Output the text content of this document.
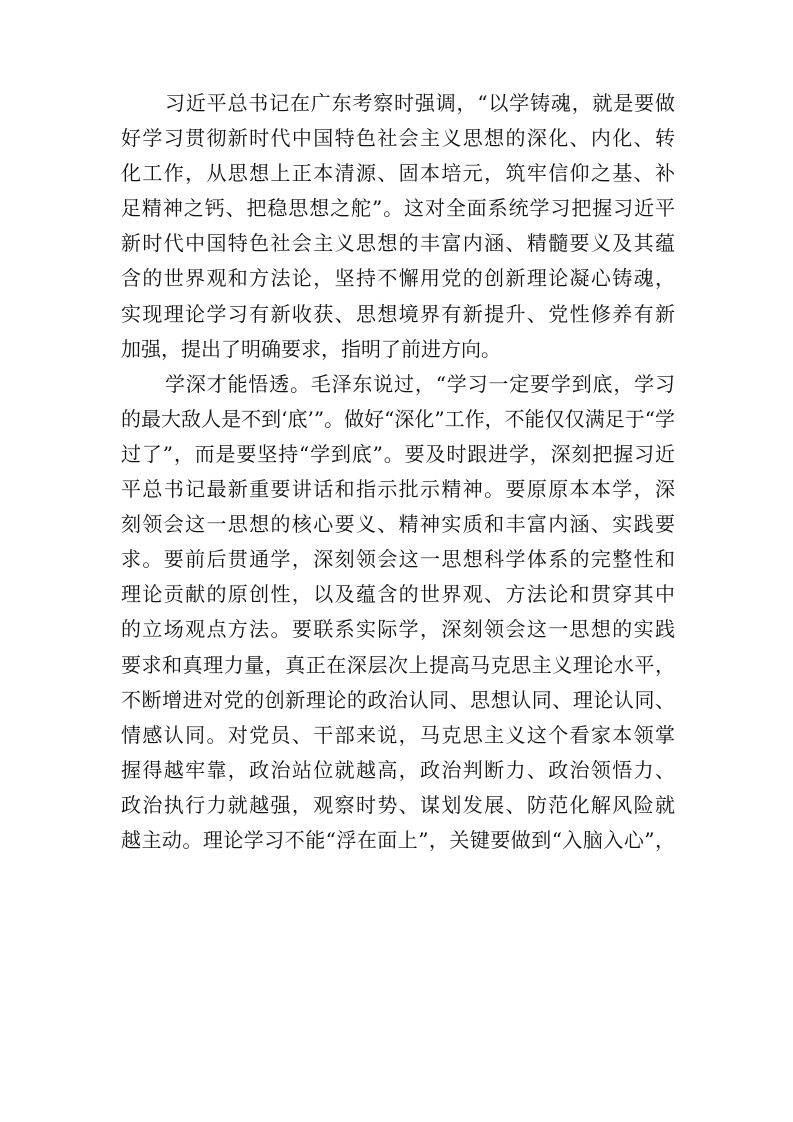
习近平总书记在广东考察时强调，“以学铸魂，就是要做
好学习贯彻新时代中国特色社会主义思想的深化、内化、转
化工作，从思想上正本清源、固本培元，筑牢信仰之基、补
足精神之钙、把稳思想之舵”。这对全面系统学习把握习近平
新时代中国特色社会主义思想的丰富内涵、精髓要义及其蕴
含的世界观和方法论，坚持不懈用党的创新理论凝心铸魂，
实现理论学习有新收获、思想境界有新提升、党性修养有新
加强，提出了明确要求，指明了前进方向。
学深才能悟透。毛泽东说过，“学习一定要学到底，学习
的最大敌人是不到‘底’”。做好“深化”工作，不能仅仅满足于“学
过了”，而是要坚持“学到底”。要及时跟进学，深刻把握习近
平总书记最新重要讲话和指示批示精神。要原原本本学，深
刻领会这一思想的核心要义、精神实质和丰富内涵、实践要
求。要前后贯通学，深刻领会这一思想科学体系的完整性和
理论贡献的原创性，以及蕴含的世界观、方法论和贯穿其中
的立场观点方法。要联系实际学，深刻领会这一思想的实践
要求和真理力量，真正在深层次上提高马克思主义理论水平，
不断增进对党的创新理论的政治认同、思想认同、理论认同、
情感认同。对党员、干部来说，马克思主义这个看家本领掌
握得越牢靠，政治站位就越高，政治判断力、政治领悟力、
政治执行力就越强，观察时势、谋划发展、防范化解风险就
越主动。理论学习不能“浮在面上”，关键要做到“入脑入心”，
